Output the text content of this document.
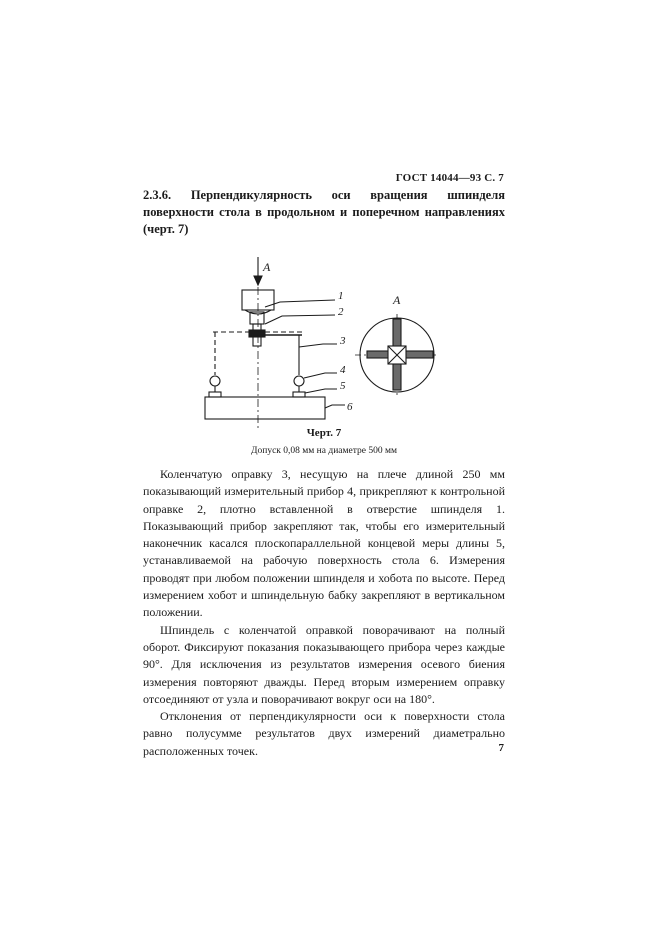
ГОСТ 14044—93 С. 7
2.3.6. Перпендикулярность оси вращения шпинделя поверхности стола в продольном и поперечном направлениях (черт. 7)
A
A
1
2
3
4
5
6
Черт. 7
Допуск 0,08 мм на диаметре 500 мм

Коленчатую оправку 3, несущую на плече длиной 250 мм показывающий измерительный прибор 4, прикрепляют к контрольной оправке 2, плотно вставленной в отверстие шпинделя 1. Показывающий прибор закрепляют так, чтобы его измерительный наконечник касался плоскопараллельной концевой меры длины 5, устанавливаемой на рабочую поверхность стола 6. Измерения проводят при любом положении шпинделя и хобота по высоте. Перед измерением хобот и шпиндельную бабку закрепляют в вертикальном положении.

Шпиндель с коленчатой оправкой поворачивают на полный оборот. Фиксируют показания показывающего прибора через каждые 90°. Для исключения из результатов измерения осевого биения измерения повторяют дважды. Перед вторым измерением оправку отсоединяют от узла и поворачивают вокруг оси на 180°.

Отклонения от перпендикулярности оси к поверхности стола равно полусумме результатов двух измерений диаметрально расположенных точек.	7
